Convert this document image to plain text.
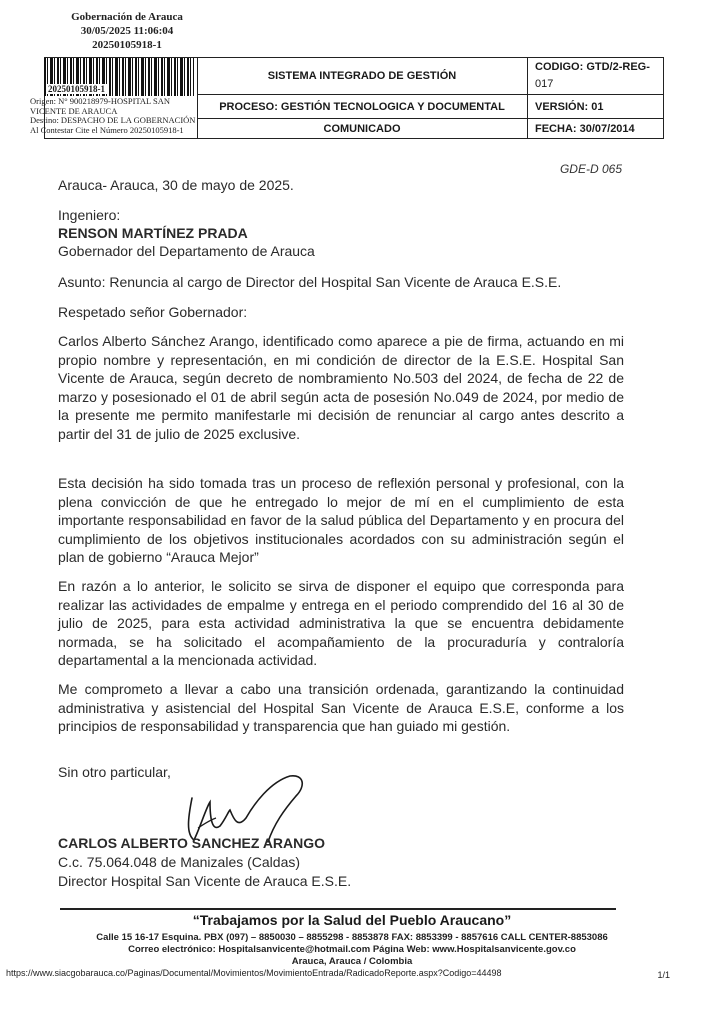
Gobernación de Arauca
30/05/2025 11:06:04
20250105918-1
SISTEMA INTEGRADO DE GESTIÓN
PROCESO: GESTIÓN TECNOLOGICA Y DOCUMENTAL
COMUNICADO
CODIGO: GTD/2-REG-
017
VERSIÓN: 01
FECHA: 30/07/2014
20250105918-1
Origen: N° 900218979-HOSPITAL SAN
VICENTE DE ARAUCA
Destino: DESPACHO DE LA GOBERNACIÓN
Al Contestar Cite el Número 20250105918-1
GDE-D 065
Arauca- Arauca, 30 de mayo de 2025.
Ingeniero:
RENSON MARTÍNEZ PRADA
Gobernador del Departamento de Arauca
Asunto: Renuncia al cargo de Director del Hospital San Vicente de Arauca E.S.E.
Respetado señor Gobernador:
Carlos Alberto Sánchez Arango, identificado como aparece a pie de firma, actuando en mi propio nombre y representación, en mi condición de director de la E.S.E. Hospital San Vicente de Arauca, según decreto de nombramiento No.503 del 2024, de fecha de 22 de marzo y posesionado el 01 de abril según acta de posesión No.049 de 2024, por medio de la presente me permito manifestarle mi decisión de renunciar al cargo antes descrito a partir del 31 de julio de 2025 exclusive.
Esta decisión ha sido tomada tras un proceso de reflexión personal y profesional, con la plena convicción de que he entregado lo mejor de mí en el cumplimiento de esta importante responsabilidad en favor de la salud pública del Departamento y en procura del cumplimiento de los objetivos institucionales acordados con su administración según el plan de gobierno “Arauca Mejor”
En razón a lo anterior, le solicito se sirva de disponer el equipo que corresponda para realizar las actividades de empalme y entrega en el periodo comprendido del 16 al 30 de julio de 2025, para esta actividad administrativa la que se encuentra debidamente normada, se ha solicitado el acompañamiento de la procuraduría y contraloría departamental a la mencionada actividad.
Me comprometo a llevar a cabo una transición ordenada, garantizando la continuidad administrativa y asistencial del Hospital San Vicente de Arauca E.S.E, conforme a los principios de responsabilidad y transparencia que han guiado mi gestión.
Sin otro particular,
CARLOS ALBERTO SANCHEZ ARANGO
C.c. 75.064.048 de Manizales (Caldas)
Director Hospital San Vicente de Arauca E.S.E.
“Trabajamos por la Salud del Pueblo Araucano”
Calle 15 16-17 Esquina. PBX (097) – 8850030 – 8855298 - 8853878 FAX: 8853399 - 8857616 CALL CENTER-8853086
Correo electrónico: Hospitalsanvicente@hotmail.com Página Web: www.Hospitalsanvicente.gov.co
Arauca, Arauca / Colombia
https://www.siacgobarauca.co/Paginas/Documental/Movimientos/MovimientoEntrada/RadicadoReporte.aspx?Codigo=44498	1/1
